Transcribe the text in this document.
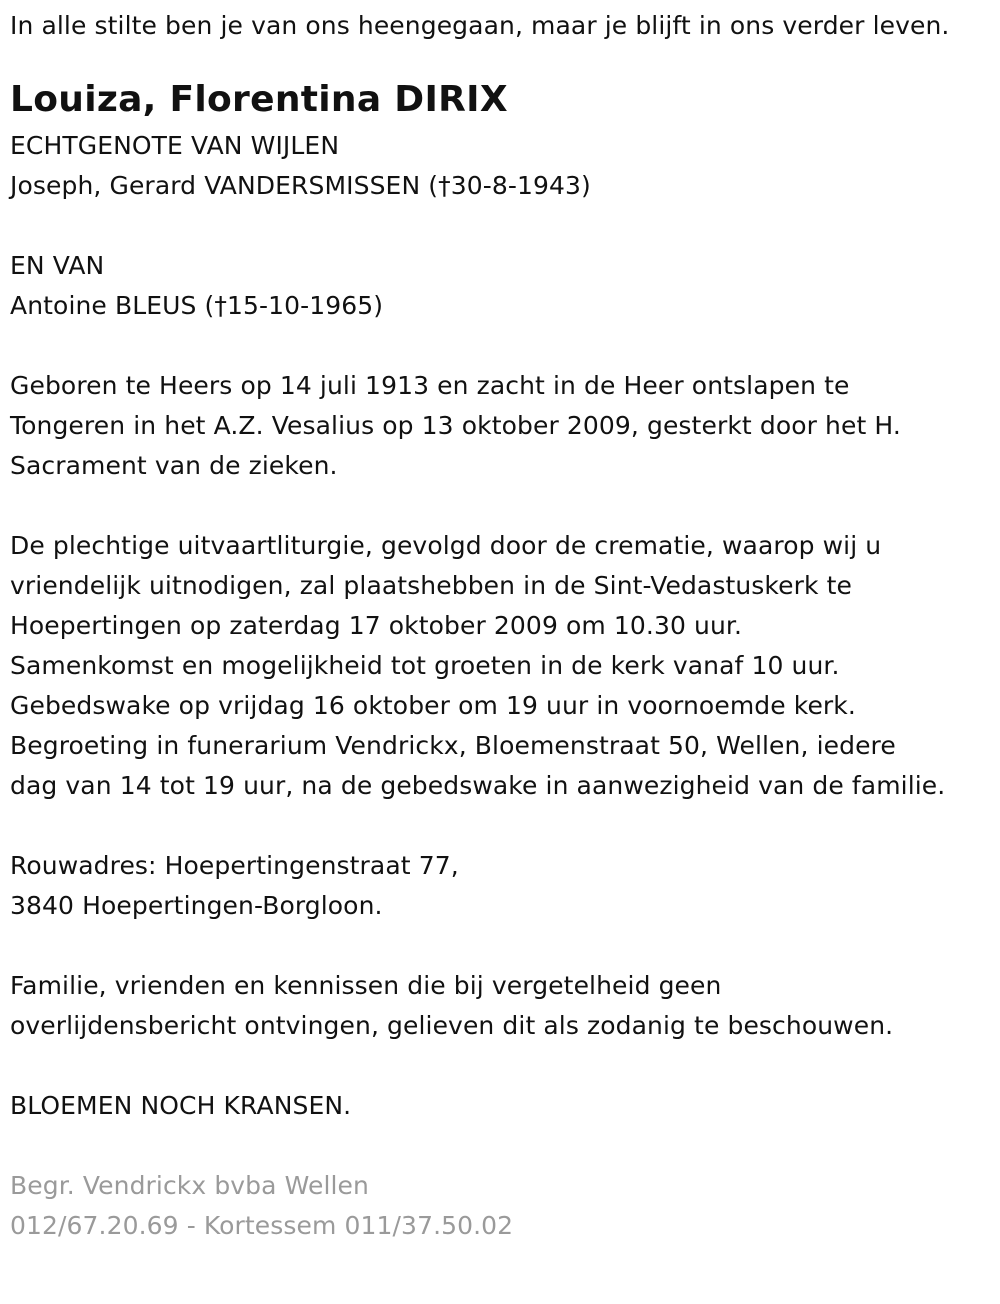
In alle stilte ben je van ons heengegaan, maar je blijft in ons verder leven.

Louiza, Florentina DIRIX

ECHTGENOTE VAN WIJLEN

Joseph, Gerard VANDERSMISSEN (†30-8-1943)

EN VAN

Antoine BLEUS (†15-10-1965)

Geboren te Heers op 14 juli 1913 en zacht in de Heer ontslapen te

Tongeren in het A.Z. Vesalius op 13 oktober 2009, gesterkt door het H.

Sacrament van de zieken.

De plechtige uitvaartliturgie, gevolgd door de crematie, waarop wij u

vriendelijk uitnodigen, zal plaatshebben in de Sint-Vedastuskerk te

Hoepertingen op zaterdag 17 oktober 2009 om 10.30 uur.

Samenkomst en mogelijkheid tot groeten in de kerk vanaf 10 uur.

Gebedswake op vrijdag 16 oktober om 19 uur in voornoemde kerk.

Begroeting in funerarium Vendrickx, Bloemenstraat 50, Wellen, iedere

dag van 14 tot 19 uur, na de gebedswake in aanwezigheid van de familie.

Rouwadres: Hoepertingenstraat 77,

3840 Hoepertingen-Borgloon.

Familie, vrienden en kennissen die bij vergetelheid geen

overlijdensbericht ontvingen, gelieven dit als zodanig te beschouwen.

BLOEMEN NOCH KRANSEN.

Begr. Vendrickx bvba Wellen

012/67.20.69 - Kortessem 011/37.50.02
